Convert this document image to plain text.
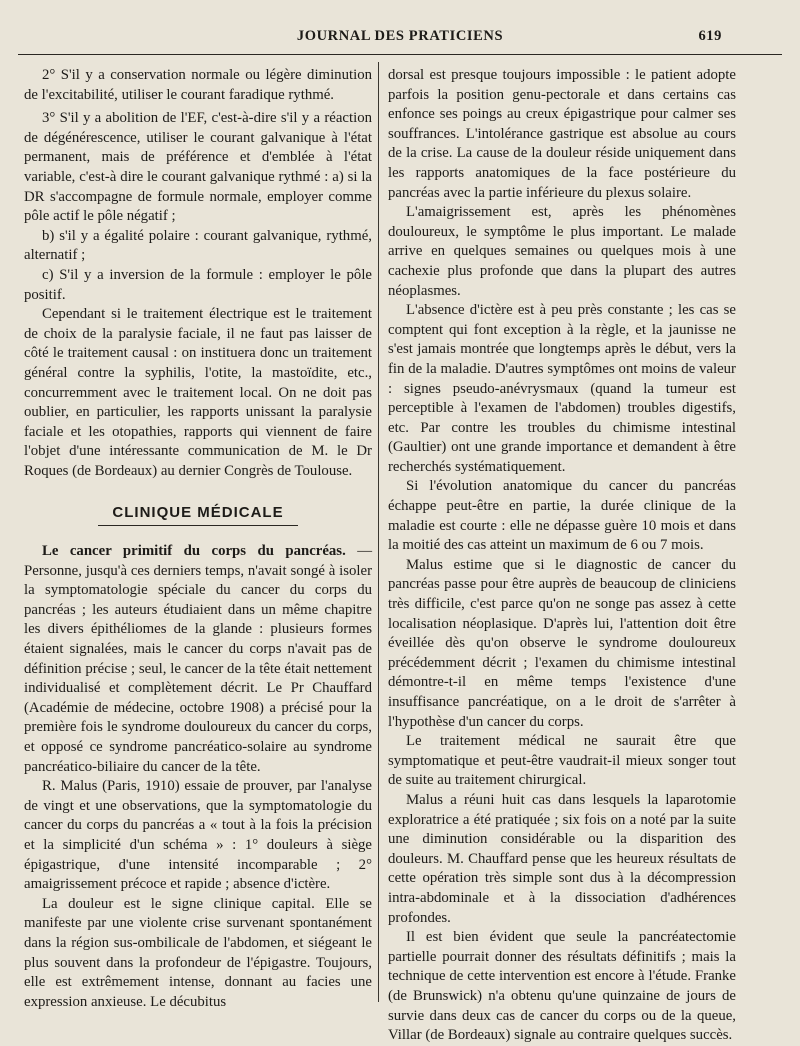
JOURNAL DES PRATICIENS	619

2° S'il y a conservation normale ou légère diminution de l'excitabilité, utiliser le courant faradique rythmé.

3° S'il y a abolition de l'EF, c'est-à-dire s'il y a réaction de dégénérescence, utiliser le courant galvanique à l'état permanent, mais de préférence et d'emblée à l'état variable, c'est-à dire le courant galvanique rythmé : a) si la DR s'accompagne de formule normale, employer comme pôle actif le pôle négatif ;

b) s'il y a égalité polaire : courant galvanique, rythmé, alternatif ;

c) S'il y a inversion de la formule : employer le pôle positif.

Cependant si le traitement électrique est le traitement de choix de la paralysie faciale, il ne faut pas laisser de côté le traitement causal : on instituera donc un traitement général contre la syphilis, l'otite, la mastoïdite, etc., concurremment avec le traitement local. On ne doit pas oublier, en particulier, les rapports unissant la paralysie faciale et les otopathies, rapports qui viennent de faire l'objet d'une intéressante communication de M. le Dr Roques (de Bordeaux) au dernier Congrès de Toulouse.

CLINIQUE MÉDICALE

Le cancer primitif du corps du pancréas. — Personne, jusqu'à ces derniers temps, n'avait songé à isoler la symptomatologie spéciale du cancer du corps du pancréas ; les auteurs étudiaient dans un même chapitre les divers épithéliomes de la glande : plusieurs formes étaient signalées, mais le cancer du corps n'avait pas de définition précise ; seul, le cancer de la tête était nettement individualisé et complètement décrit. Le Pr Chauffard (Académie de médecine, octobre 1908) a précisé pour la première fois le syndrome douloureux du cancer du corps, et opposé ce syndrome pancréatico-solaire au syndrome pancréatico-biliaire du cancer de la tête.

R. Malus (Paris, 1910) essaie de prouver, par l'analyse de vingt et une observations, que la symptomatologie du cancer du corps du pancréas a « tout à la fois la précision et la simplicité d'un schéma » : 1° douleurs à siège épigastrique, d'une intensité incomparable ; 2° amaigrissement précoce et rapide ; absence d'ictère.

La douleur est le signe clinique capital. Elle se manifeste par une violente crise survenant spontanément dans la région sus-ombilicale de l'abdomen, et siégeant le plus souvent dans la profondeur de l'épigastre. Toujours, elle est extrêmement intense, donnant au facies une expression anxieuse. Le décubitus

dorsal est presque toujours impossible : le patient adopte parfois la position genu-pectorale et dans certains cas enfonce ses poings au creux épigastrique pour calmer ses souffrances. L'intolérance gastrique est absolue au cours de la crise. La cause de la douleur réside uniquement dans les rapports anatomiques de la face postérieure du pancréas avec la partie inférieure du plexus solaire.

L'amaigrissement est, après les phénomènes douloureux, le symptôme le plus important. Le malade arrive en quelques semaines ou quelques mois à une cachexie plus profonde que dans la plupart des autres néoplasmes.

L'absence d'ictère est à peu près constante ; les cas se comptent qui font exception à la règle, et la jaunisse ne s'est jamais montrée que longtemps après le début, vers la fin de la maladie. D'autres symptômes ont moins de valeur : signes pseudo-anévrysmaux (quand la tumeur est perceptible à l'examen de l'abdomen) troubles digestifs, etc. Par contre les troubles du chimisme intestinal (Gaultier) ont une grande importance et demandent à être recherchés systématiquement.

Si l'évolution anatomique du cancer du pancréas échappe peut-être en partie, la durée clinique de la maladie est courte : elle ne dépasse guère 10 mois et dans la moitié des cas atteint un maximum de 6 ou 7 mois.

Malus estime que si le diagnostic de cancer du pancréas passe pour être auprès de beaucoup de cliniciens très difficile, c'est parce qu'on ne songe pas assez à cette localisation néoplasique. D'après lui, l'attention doit être éveillée dès qu'on observe le syndrome douloureux précédemment décrit ; l'examen du chimisme intestinal démontre-t-il en même temps l'existence d'une insuffisance pancréatique, on a le droit de s'arrêter à l'hypothèse d'un cancer du corps.

Le traitement médical ne saurait être que symptomatique et peut-être vaudrait-il mieux songer tout de suite au traitement chirurgical.

Malus a réuni huit cas dans lesquels la laparotomie exploratrice a été pratiquée ; six fois on a noté par la suite une diminution considérable ou la disparition des douleurs. M. Chauffard pense que les heureux résultats de cette opération très simple sont dus à la décompression intra-abdominale et à la dissociation d'adhérences profondes.

Il est bien évident que seule la pancréatectomie partielle pourrait donner des résultats définitifs ; mais la technique de cette intervention est encore à l'étude. Franke (de Brunswick) n'a obtenu qu'une quinzaine de jours de survie dans deux cas de cancer du corps ou de la queue, Villar (de Bordeaux) signale au contraire quelques succès.
